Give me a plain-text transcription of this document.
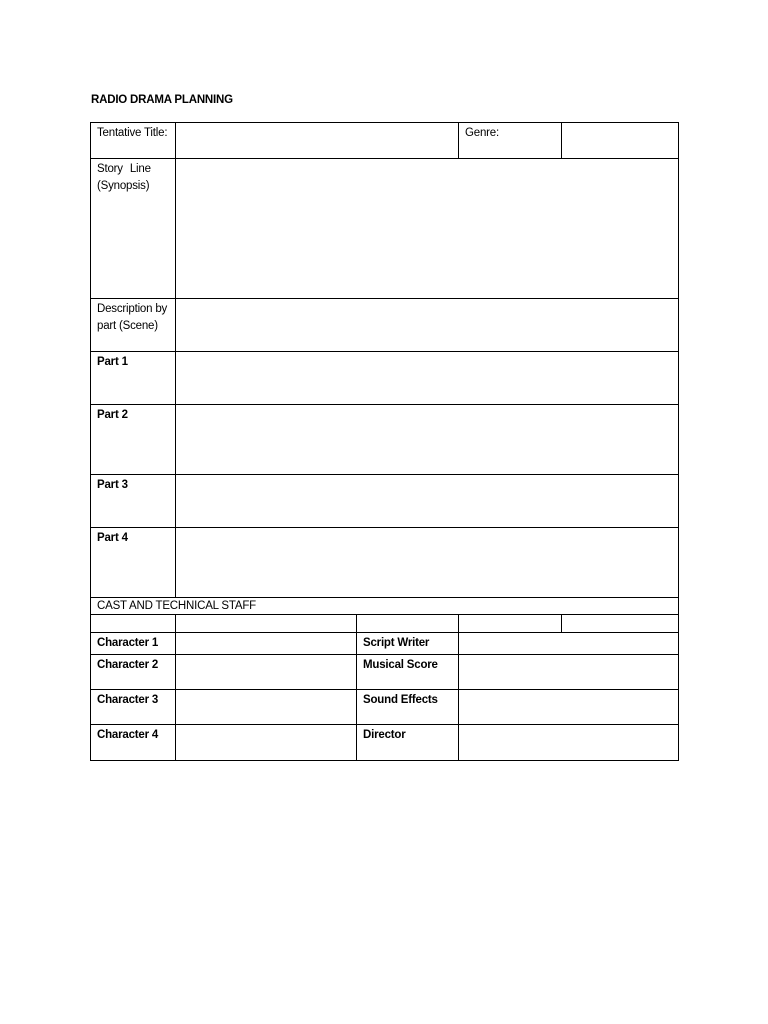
RADIO DRAMA PLANNING
Tentative Title:			Genre:	
Story Line (Synopsis)				
Description by part (Scene)				
Part 1				
Part 2				
Part 3				
Part 4				
CAST AND TECHNICAL STAFF				

Character 1		Script Writer		
Character 2		Musical Score		
Character 3		Sound Effects		
Character 4		Director		
